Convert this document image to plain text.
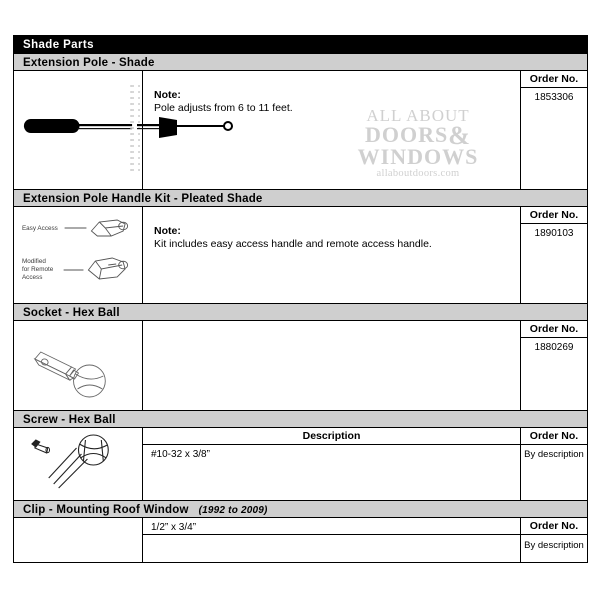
Shade Parts
Extension Pole - Shade
Note:
Pole adjusts from 6 to 11 feet.	ALL ABOUT
DOORS&
WINDOWS
allaboutdoors.com
Order No.
1853306
Extension Pole Handle Kit - Pleated Shade
Easy Access
Modified
for Remote
Access
Note:
Kit includes easy access handle and remote access handle.
Order No.
1890103
Socket - Hex Ball
Order No.
1880269
Screw - Hex Ball
Description
#10-32 x 3/8”
Order No.
By description
Clip - Mounting Roof Window (1992 to 2009)
1/2” x 3/4”	Order No.
By description
